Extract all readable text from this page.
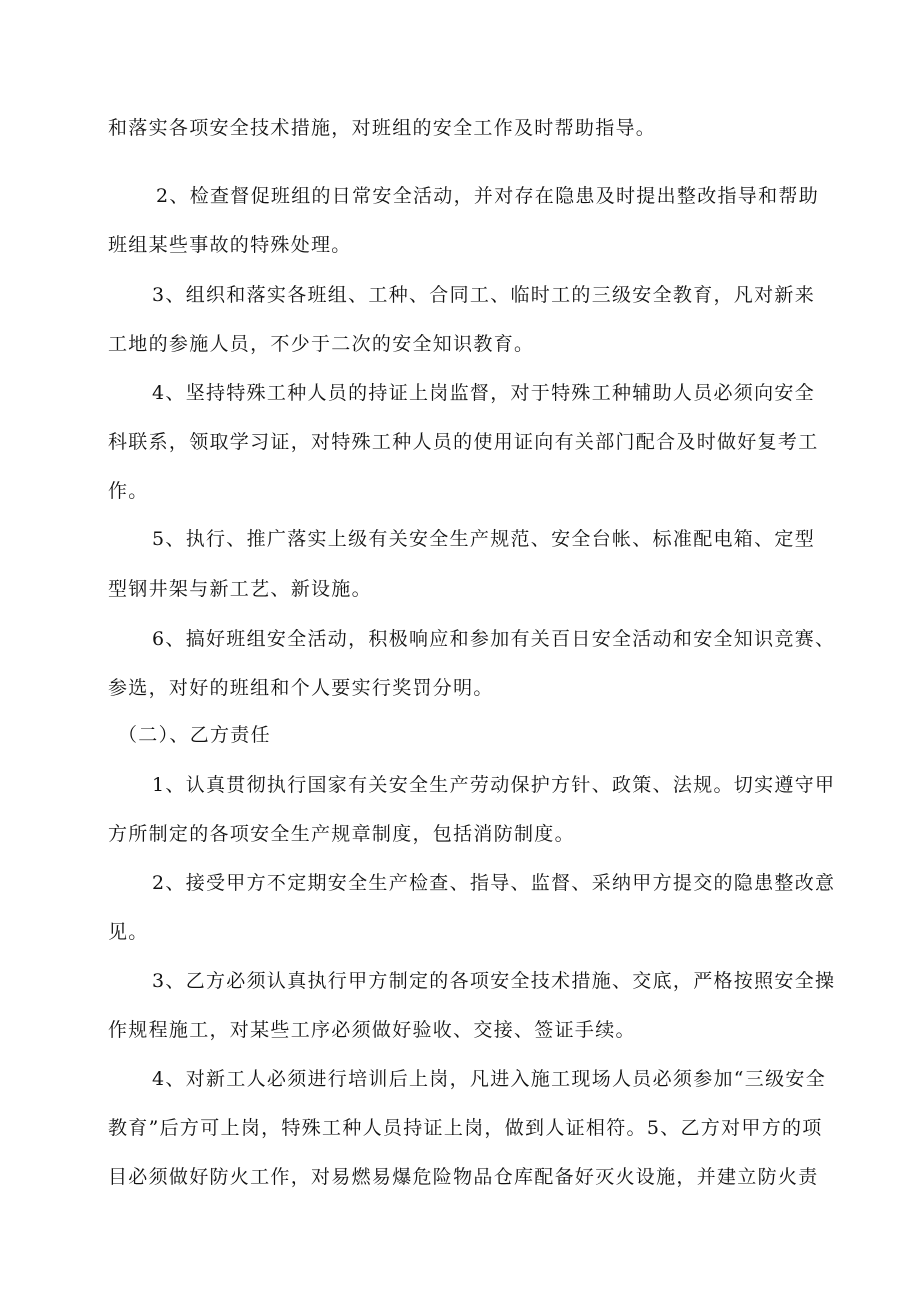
和落实各项安全技术措施，对班组的安全工作及时帮助指导。
2、检查督促班组的日常安全活动，并对存在隐患及时提出整改指导和帮助
班组某些事故的特殊处理。
3、组织和落实各班组、工种、合同工、临时工的三级安全教育，凡对新来
工地的参施人员，不少于二次的安全知识教育。
4、坚持特殊工种人员的持证上岗监督，对于特殊工种辅助人员必须向安全
科联系，领取学习证，对特殊工种人员的使用证向有关部门配合及时做好复考工
作。
5、执行、推广落实上级有关安全生产规范、安全台帐、标准配电箱、定型
型钢井架与新工艺、新设施。
6、搞好班组安全活动，积极响应和参加有关百日安全活动和安全知识竞赛、
参选，对好的班组和个人要实行奖罚分明。
（二）、乙方责任
1、认真贯彻执行国家有关安全生产劳动保护方针、政策、法规。切实遵守甲
方所制定的各项安全生产规章制度，包括消防制度。
2、接受甲方不定期安全生产检查、指导、监督、采纳甲方提交的隐患整改意
见。
3、乙方必须认真执行甲方制定的各项安全技术措施、交底，严格按照安全操
作规程施工，对某些工序必须做好验收、交接、签证手续。
4、对新工人必须进行培训后上岗，凡进入施工现场人员必须参加“三级安全
教育”后方可上岗，特殊工种人员持证上岗，做到人证相符。5、乙方对甲方的项
目必须做好防火工作，对易燃易爆危险物品仓库配备好灭火设施，并建立防火责
